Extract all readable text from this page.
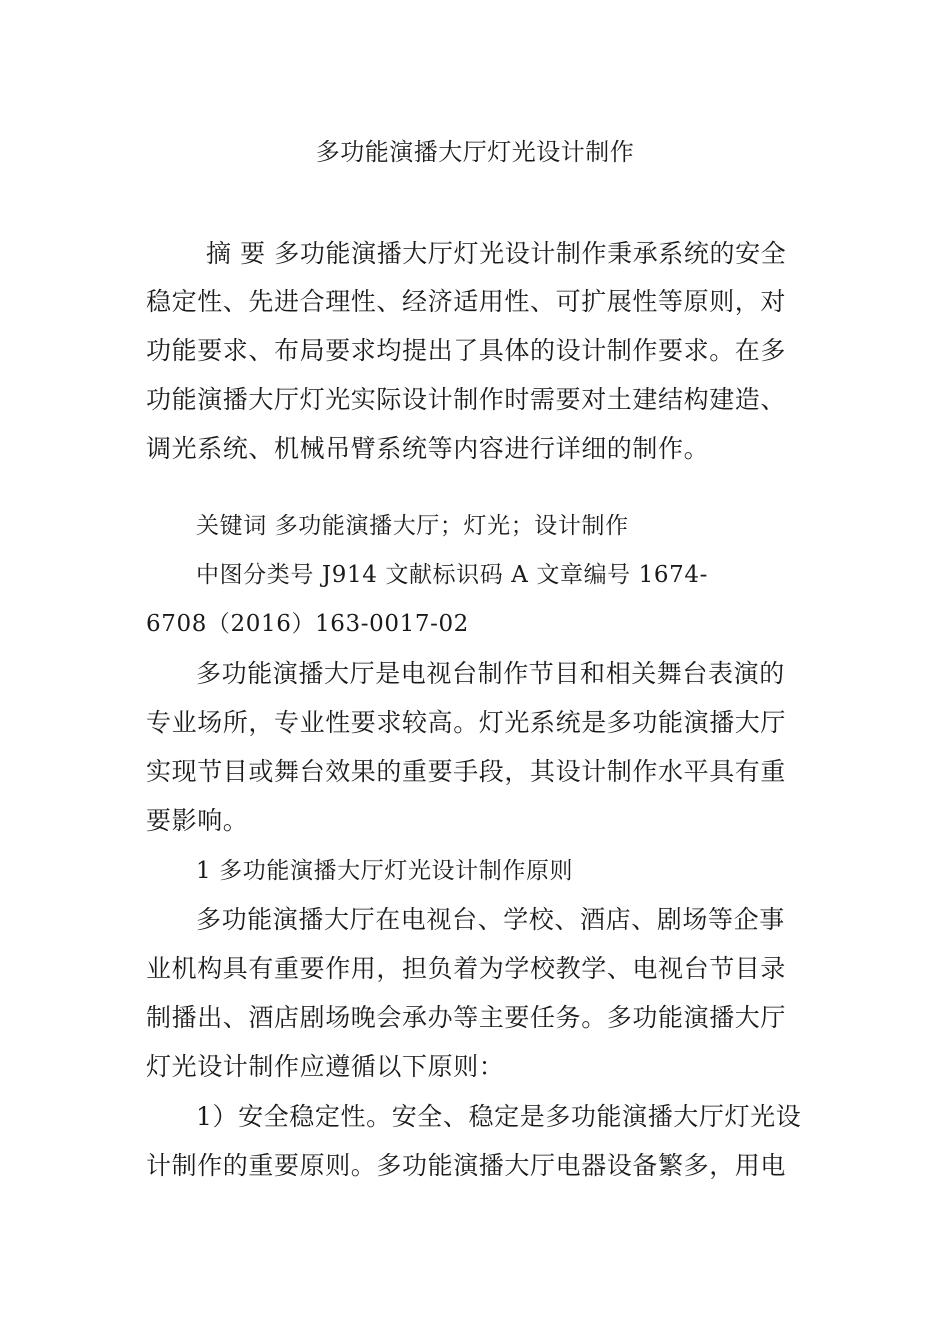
多功能演播大厅灯光设计制作
摘 要 多功能演播大厅灯光设计制作秉承系统的安全
稳定性、先进合理性、经济适用性、可扩展性等原则，对
功能要求、布局要求均提出了具体的设计制作要求。在多
功能演播大厅灯光实际设计制作时需要对土建结构建造、
调光系统、机械吊臂系统等内容进行详细的制作。
关键词 多功能演播大厅；灯光；设计制作
中图分类号 J914 文献标识码 A 文章编号 1674-
6708（2016）163-0017-02
多功能演播大厅是电视台制作节目和相关舞台表演的
专业场所，专业性要求较高。灯光系统是多功能演播大厅
实现节目或舞台效果的重要手段，其设计制作水平具有重
要影响。
1 多功能演播大厅灯光设计制作原则
多功能演播大厅在电视台、学校、酒店、剧场等企事
业机构具有重要作用，担负着为学校教学、电视台节目录
制播出、酒店剧场晚会承办等主要任务。多功能演播大厅
灯光设计制作应遵循以下原则：
1）安全稳定性。安全、稳定是多功能演播大厅灯光设
计制作的重要原则。多功能演播大厅电器设备繁多，用电
